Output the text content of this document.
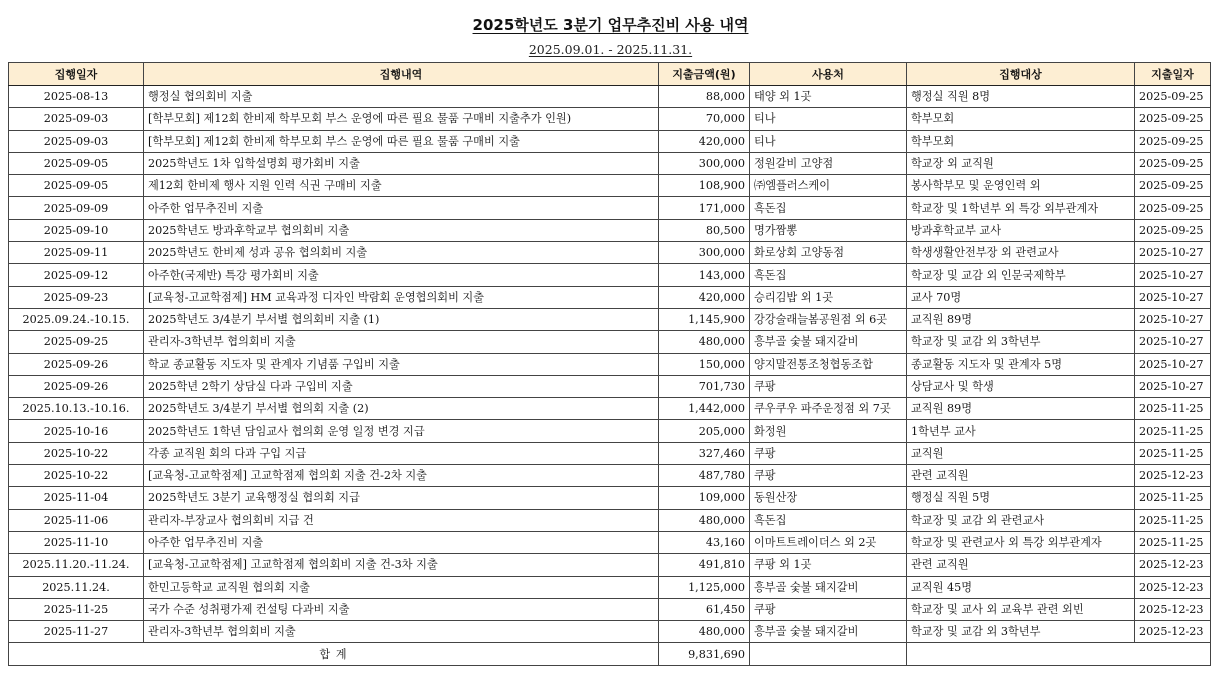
2025학년도 3분기 업무추진비 사용 내역
2025.09.01. - 2025.11.31.
집행일자	집행내역	지출금액(원)	사용처	집행대상	지출일자
2025-08-13	행정실 협의회비 지출	88,000	태양 외 1곳	행정실 직원 8명	2025-09-25
2025-09-03	[학부모회] 제12회 한비제 학부모회 부스 운영에 따른 필요 물품 구매비 지출추가 인원)	70,000	티나	학부모회	2025-09-25
2025-09-03	[학부모회] 제12회 한비제 학부모회 부스 운영에 따른 필요 물품 구매비 지출	420,000	티나	학부모회	2025-09-25
2025-09-05	2025학년도 1차 입학설명회 평가회비 지출	300,000	정원갈비 고양점	학교장 외 교직원	2025-09-25
2025-09-05	제12회 한비제 행사 지원 인력 식권 구매비 지출	108,900	㈜엠플러스케이	봉사학부모 및 운영인력 외	2025-09-25
2025-09-09	아주한 업무추진비 지출	171,000	흑돈집	학교장 및 1학년부 외 특강 외부관계자	2025-09-25
2025-09-10	2025학년도 방과후학교부 협의회비 지출	80,500	명가짬뽕	방과후학교부 교사	2025-09-25
2025-09-11	2025학년도 한비제 성과 공유 협의회비 지출	300,000	화로상회 고양동점	학생생활안전부장 외 관련교사	2025-10-27
2025-09-12	아주한(국제반) 특강 평가회비 지출	143,000	흑돈집	학교장 및 교감 외 인문국제학부	2025-10-27
2025-09-23	[교육청-고교학점제] HM 교육과정 디자인 박람회 운영협의회비 지출	420,000	승리김밥 외 1곳	교사 70명	2025-10-27
2025.09.24.-10.15.	2025학년도 3/4분기 부서별 협의회비 지출 (1)	1,145,900	강강술래늘봄공원점 외 6곳	교직원 89명	2025-10-27
2025-09-25	관리자-3학년부 협의회비 지출	480,000	흥부골 숯불 돼지갈비	학교장 및 교감 외 3학년부	2025-10-27
2025-09-26	학교 종교활동 지도자 및 관계자 기념품 구입비 지출	150,000	양지말전통조청협동조합	종교활동 지도자 및 관계자 5명	2025-10-27
2025-09-26	2025학년 2학기 상담실 다과 구입비 지출	701,730	쿠팡	상담교사 및 학생	2025-10-27
2025.10.13.-10.16.	2025학년도 3/4분기 부서별 협의회 지출 (2)	1,442,000	쿠우쿠우 파주운정점 외 7곳	교직원 89명	2025-11-25
2025-10-16	2025학년도 1학년 담임교사 협의회 운영 일정 변경 지급	205,000	화정원	1학년부 교사	2025-11-25
2025-10-22	각종 교직원 회의 다과 구입 지급	327,460	쿠팡	교직원	2025-11-25
2025-10-22	[교육청-고교학점제] 고교학점제 협의회 지출 건-2차 지출	487,780	쿠팡	관련 교직원	2025-12-23
2025-11-04	2025학년도 3분기 교육행정실 협의회 지급	109,000	동원산장	행정실 직원 5명	2025-11-25
2025-11-06	관리자-부장교사 협의회비 지급 건	480,000	흑돈집	학교장 및 교감 외 관련교사	2025-11-25
2025-11-10	아주한 업무추진비 지출	43,160	이마트트레이더스 외 2곳	학교장 및 관련교사 외 특강 외부관계자	2025-11-25
2025.11.20.-11.24.	[교육청-고교학점제] 고교학점제 협의회비 지출 건-3차 지출	491,810	쿠팡 외 1곳	관련 교직원	2025-12-23
2025.11.24.	한민고등학교 교직원 협의회 지출	1,125,000	흥부골 숯불 돼지갈비	교직원 45명	2025-12-23
2025-11-25	국가 수준 성취평가제 컨설팅 다과비 지출	61,450	쿠팡	학교장 및 교사 외 교육부 관련 외빈	2025-12-23
2025-11-27	관리자-3학년부 협의회비 지출	480,000	흥부골 숯불 돼지갈비	학교장 및 교감 외 3학년부	2025-12-23
합 계		9,831,690			
